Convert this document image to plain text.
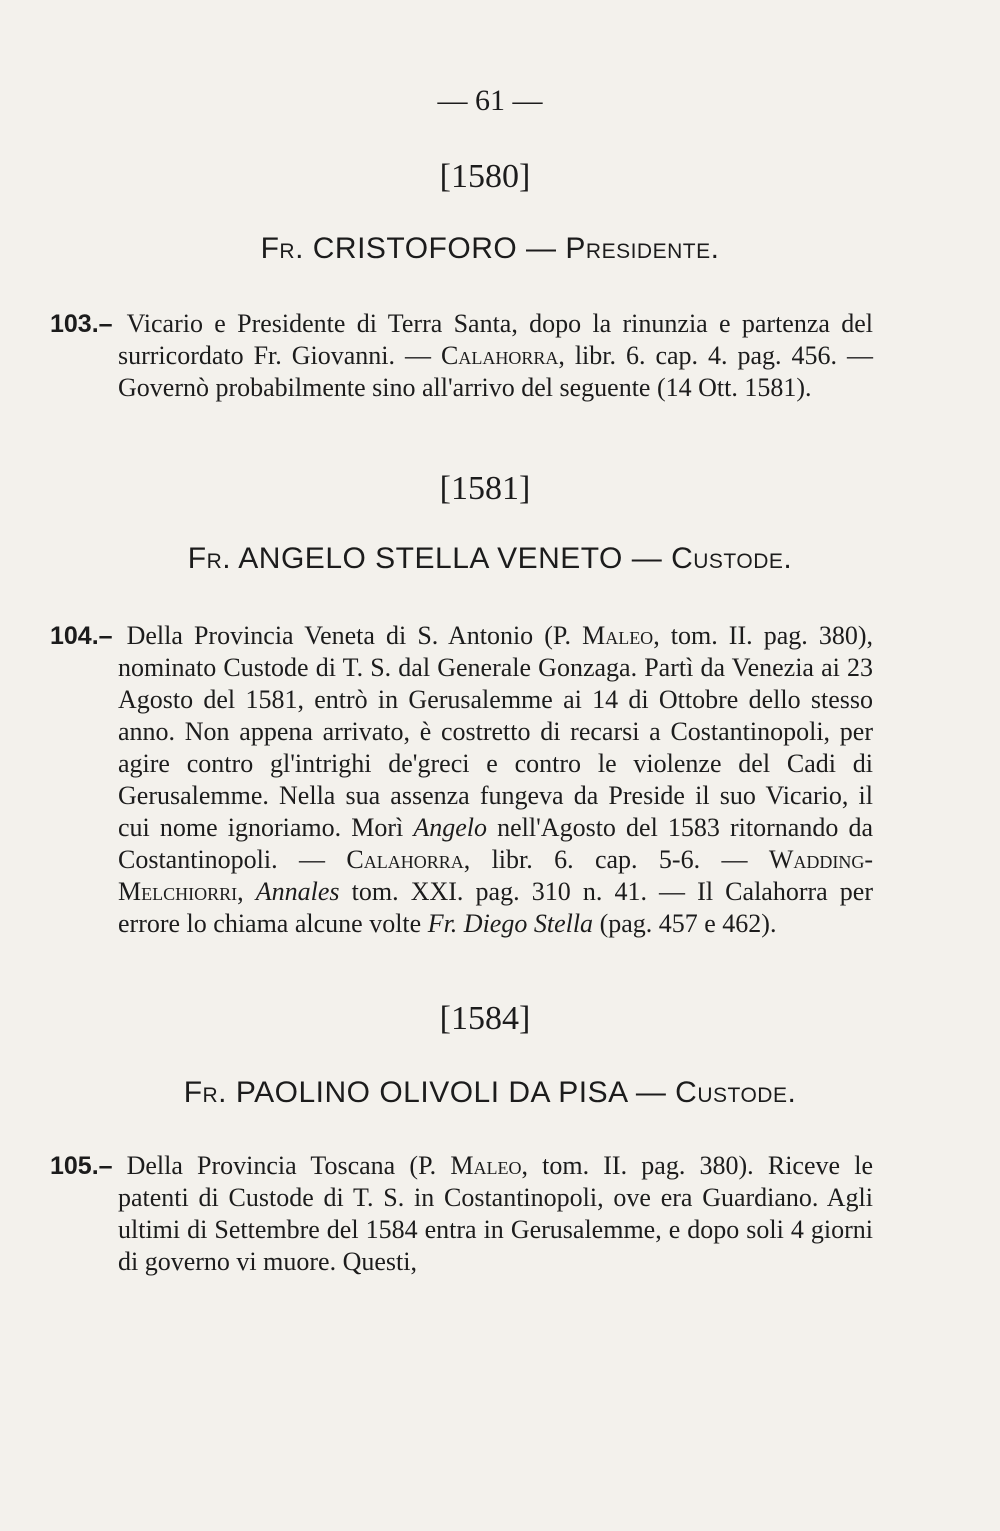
— 61 —
[1580]
Fr. CRISTOFORO — Presidente.
103.– Vicario e Presidente di Terra Santa, dopo la rinunzia e partenza del surricordato Fr. Giovanni. — Calahorra, libr. 6. cap. 4. pag. 456. — Governò probabilmente sino all'arrivo del seguente (14 Ott. 1581).
[1581]
Fr. ANGELO STELLA VENETO — Custode.
104.– Della Provincia Veneta di S. Antonio (P. Maleo, tom. II. pag. 380), nominato Custode di T. S. dal Generale Gonzaga. Partì da Venezia ai 23 Agosto del 1581, entrò in Gerusalemme ai 14 di Ottobre dello stesso anno. Non appena arrivato, è costretto di recarsi a Costantinopoli, per agire contro gl'intrighi de'greci e contro le violenze del Cadi di Gerusalemme. Nella sua assenza fungeva da Preside il suo Vicario, il cui nome ignoriamo. Morì Angelo nell'Agosto del 1583 ritornando da Costantinopoli. — Calahorra, libr. 6. cap. 5-6. — Wadding-Melchiorri, Annales tom. XXI. pag. 310 n. 41. — Il Calahorra per errore lo chiama alcune volte Fr. Diego Stella (pag. 457 e 462).
[1584]
Fr. PAOLINO OLIVOLI DA PISA — Custode.
105.– Della Provincia Toscana (P. Maleo, tom. II. pag. 380). Riceve le patenti di Custode di T. S. in Costantinopoli, ove era Guardiano. Agli ultimi di Settembre del 1584 entra in Gerusalemme, e dopo soli 4 giorni di governo vi muore. Questi,
